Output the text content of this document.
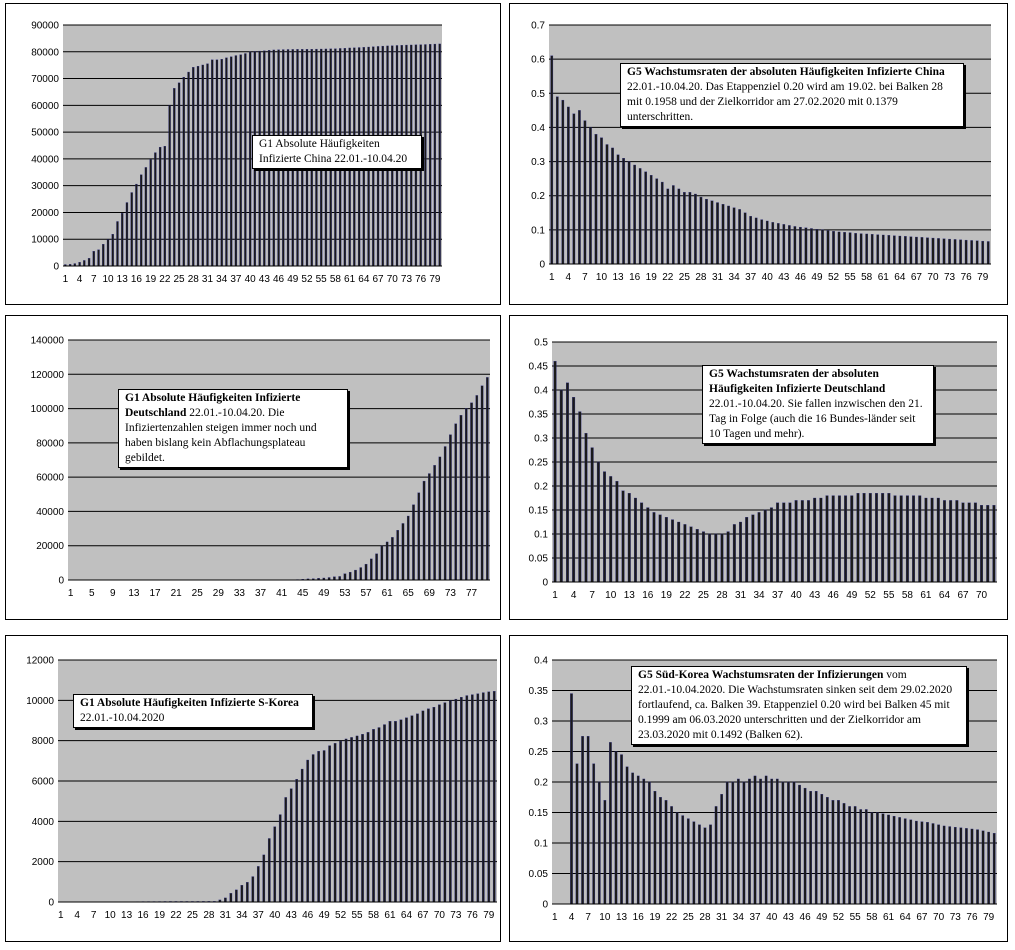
0
10000
20000
30000
40000
50000
60000
70000
80000
90000
1 4 7 10 13 16 19 22 25 28 31 34 37 40 43 46 49 52 55 58 61 64 67 70 73 76 79
G1 Absolute Häufigkeiten Infizierte China 22.01.-10.04.20
0
0.1
0.2
0.3
0.4
0.5
0.6
0.7
1 4 7 10 13 16 19 22 25 28 31 34 37 40 43 46 49 52 55 58 61 64 67 70 73 76 79
G5 Wachstumsraten der absoluten Häufigkeiten Infizierte China 22.01.-10.04.20. Das Etappenziel 0.20 wird am 19.02. bei Balken 28 mit 0.1958 und der Zielkorridor am 27.02.2020 mit 0.1379 unterschritten.
0
20000
40000
60000
80000
100000
120000
140000
1 5 9 13 17 21 25 29 33 37 41 45 49 53 57 61 65 69 73 77
G1 Absolute Häufigkeiten Infizierte Deutschland 22.01.-10.04.20. Die Infiziertenzahlen steigen immer noch und haben bislang kein Abflachungsplateau gebildet.
0
0.05
0.1
0.15
0.2
0.25
0.3
0.35
0.4
0.45
0.5
1 4 7 10 13 16 19 22 25 28 31 34 37 40 43 46 49 52 55 58 61 64 67 70
G5 Wachstumsraten der absoluten Häufigkeiten Infizierte Deutschland 22.01.-10.04.20. Sie fallen inzwischen den 21. Tag in Folge (auch die 16 Bundes-länder seit 10 Tagen und mehr).
0
2000
4000
6000
8000
10000
12000
1 4 7 10 13 16 19 22 25 28 31 34 37 40 43 46 49 52 55 58 61 64 67 70 73 76 79
G1 Absolute Häufigkeiten Infizierte S-Korea 22.01.-10.04.2020
0
0.05
0.1
0.15
0.2
0.25
0.3
0.35
0.4
1 4 7 10 13 16 19 22 25 28 31 34 37 40 43 46 49 52 55 58 61 64 67 70 73 76 79
G5 Süd-Korea Wachstumsraten der Infizierungen vom 22.01.-10.04.2020. Die Wachstumsraten sinken seit dem 29.02.2020 fortlaufend, ca. Balken 39. Etappenziel 0.20 wird bei Balken 45 mit 0.1999 am 06.03.2020 unterschritten und der Zielkorridor am 23.03.2020 mit 0.1492 (Balken 62).
